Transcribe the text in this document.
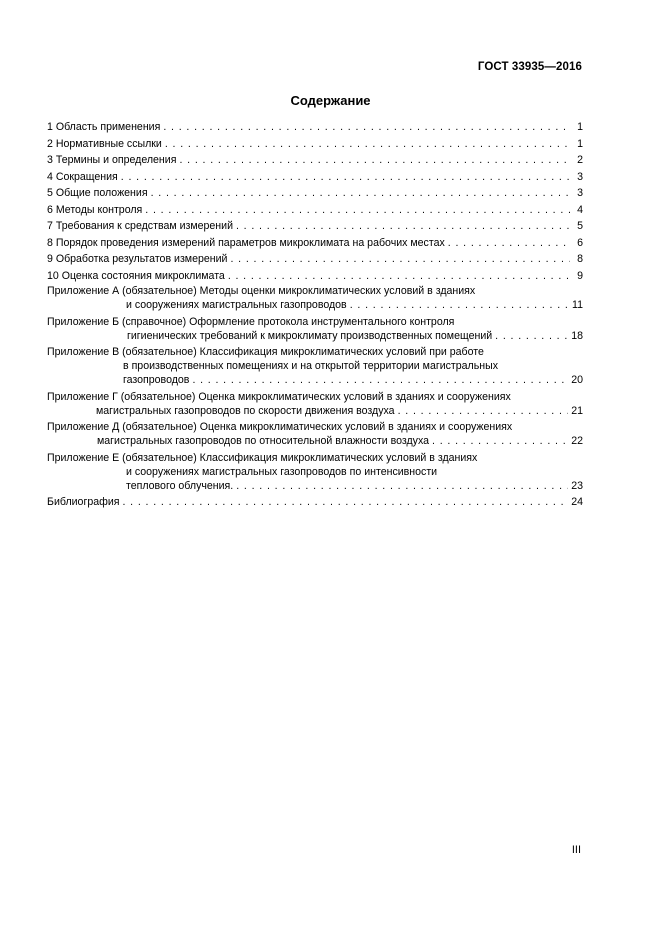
ГОСТ 33935—2016
Содержание
1 Область применения . . .	1
2 Нормативные ссылки . . .	1
3 Термины и определения . . .	2
4 Сокращения . . .	3
5 Общие положения . . .	3
6 Методы контроля . . .	4
7 Требования к средствам измерений . . .	5
8 Порядок проведения измерений параметров микроклимата на рабочих местах . . .	6
9 Обработка результатов измерений . . .	8
10 Оценка состояния микроклимата . . .	9
Приложение А (обязательное) Методы оценки микроклиматических условий в зданиях
и сооружениях магистральных газопроводов . . .	11
Приложение Б (справочное) Оформление протокола инструментального контроля
гигиенических требований к микроклимату производственных помещений . . .	18
Приложение В (обязательное) Классификация микроклиматических условий при работе
в производственных помещениях и на открытой территории магистральных
газопроводов . . .	20
Приложение Г (обязательное) Оценка микроклиматических условий в зданиях и сооружениях
магистральных газопроводов по скорости движения воздуха . . .	21
Приложение Д (обязательное) Оценка микроклиматических условий в зданиях и сооружениях
магистральных газопроводов по относительной влажности воздуха . . .	22
Приложение Е (обязательное) Классификация микроклиматических условий в зданиях
и сооружениях магистральных газопроводов по интенсивности
теплового облучения. . . .	23
Библиография . . .	24
III
